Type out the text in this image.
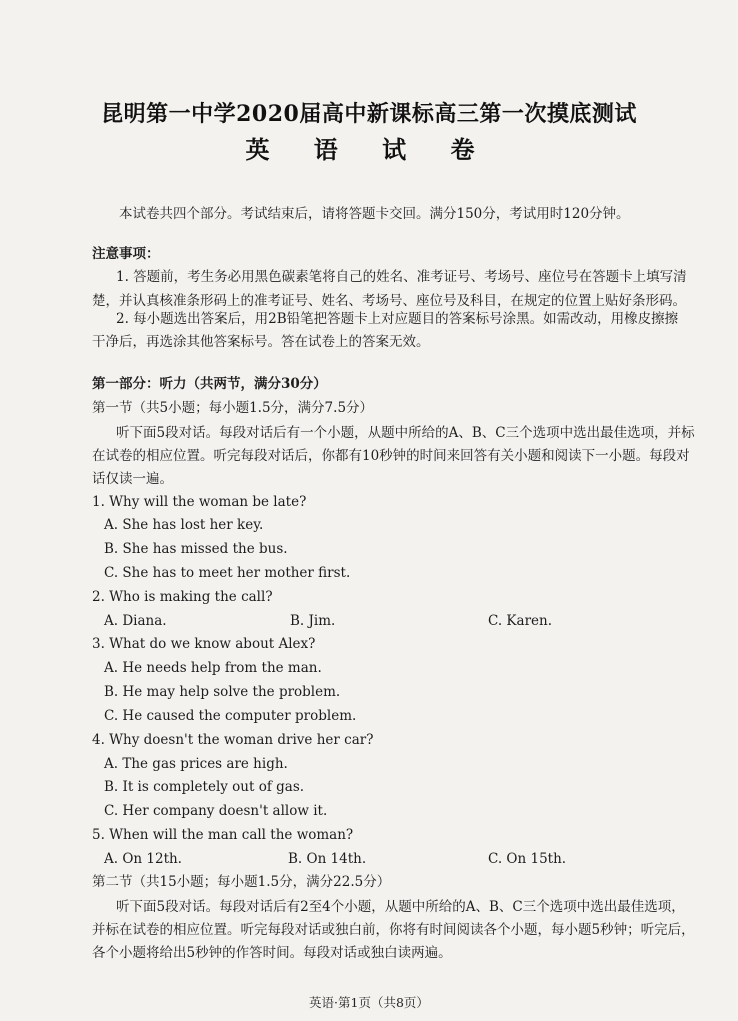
昆明第一中学2020届高中新课标高三第一次摸底测试
英 语 试 卷
本试卷共四个部分。考试结束后，请将答题卡交回。满分150分，考试用时120分钟。
注意事项：
1. 答题前，考生务必用黑色碳素笔将自己的姓名、准考证号、考场号、座位号在答题卡上填写清
楚，并认真核准条形码上的准考证号、姓名、考场号、座位号及科目，在规定的位置上贴好条形码。
2. 每小题选出答案后，用2B铅笔把答题卡上对应题目的答案标号涂黑。如需改动，用橡皮擦擦
干净后，再选涂其他答案标号。答在试卷上的答案无效。
第一部分：听力（共两节，满分30分）
第一节（共5小题；每小题1.5分，满分7.5分）
听下面5段对话。每段对话后有一个小题，从题中所给的A、B、C三个选项中选出最佳选项，并标
在试卷的相应位置。听完每段对话后，你都有10秒钟的时间来回答有关小题和阅读下一小题。每段对
话仅读一遍。
1. Why will the woman be late?
A. She has lost her key.
B. She has missed the bus.
C. She has to meet her mother first.
2. Who is making the call?
A. Diana.	B. Jim.	C. Karen.
3. What do we know about Alex?
A. He needs help from the man.
B. He may help solve the problem.
C. He caused the computer problem.
4. Why doesn't the woman drive her car?
A. The gas prices are high.
B. It is completely out of gas.
C. Her company doesn't allow it.
5. When will the man call the woman?
A. On 12th.	B. On 14th.	C. On 15th.
第二节（共15小题；每小题1.5分，满分22.5分）
听下面5段对话。每段对话后有2至4个小题，从题中所给的A、B、C三个选项中选出最佳选项，
并标在试卷的相应位置。听完每段对话或独白前，你将有时间阅读各个小题，每小题5秒钟；听完后，
各个小题将给出5秒钟的作答时间。每段对话或独白读两遍。
英语·第1页（共8页）
